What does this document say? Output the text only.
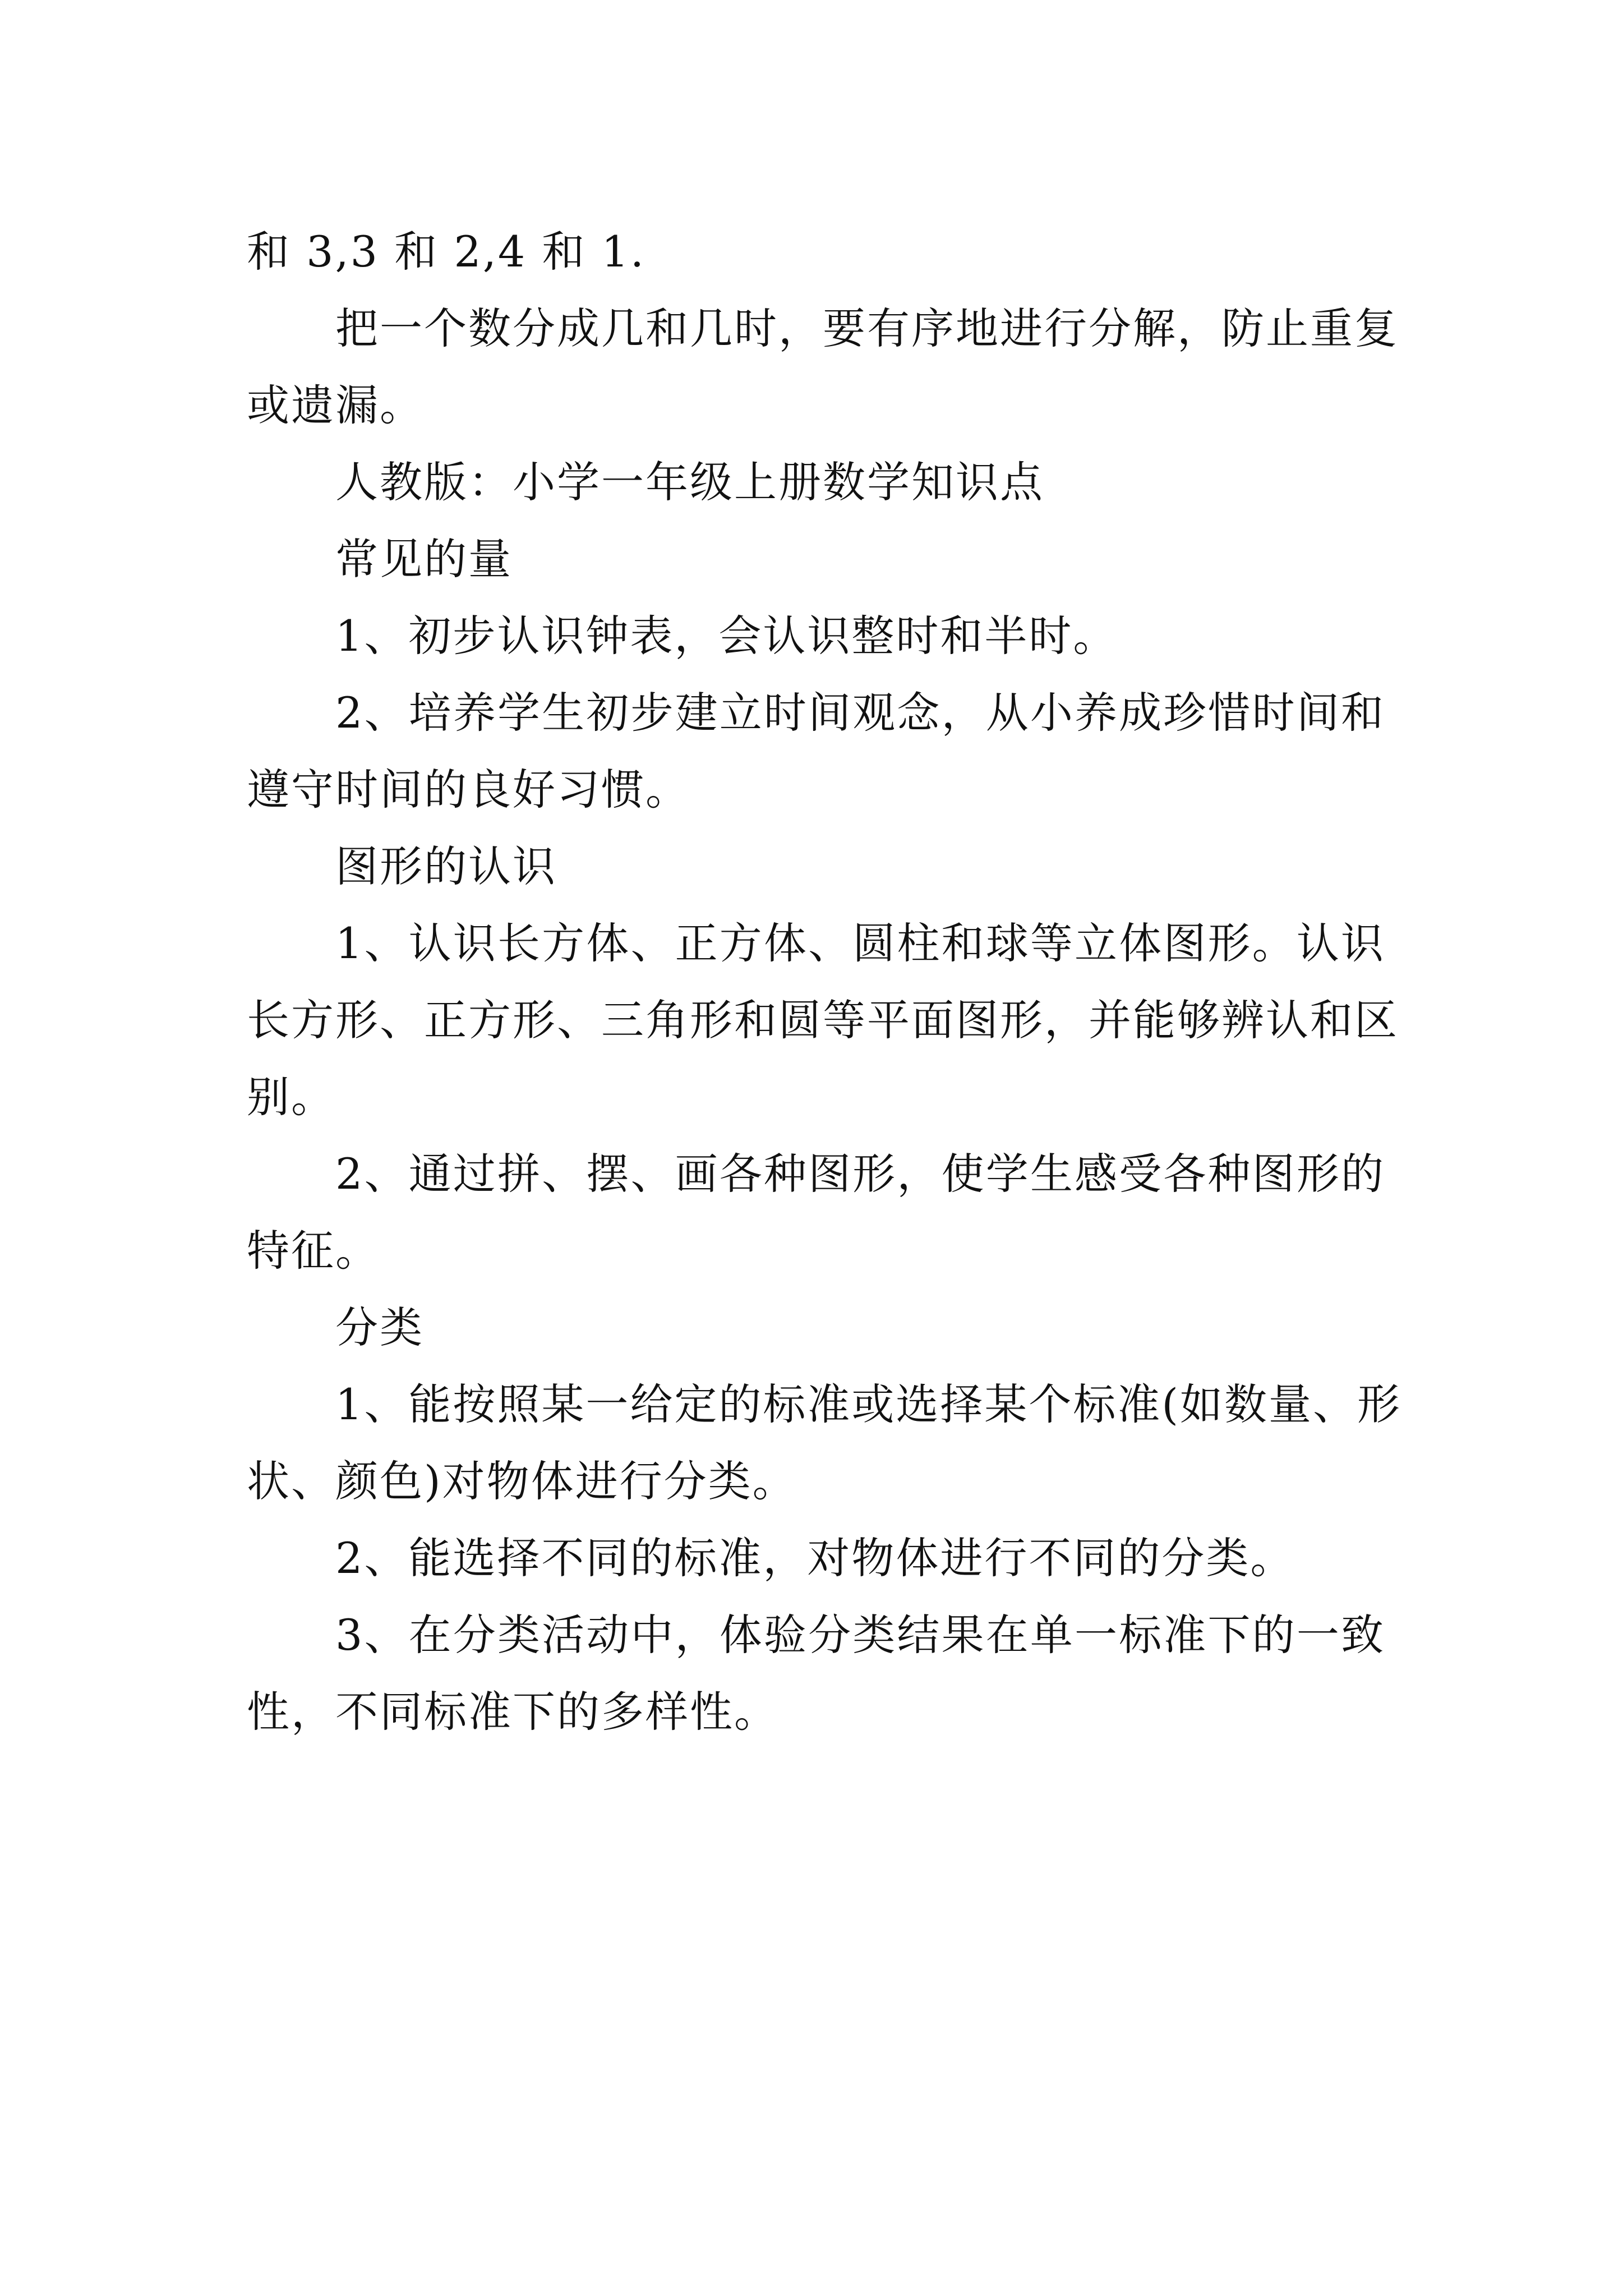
和 3,3 和 2,4 和 1.
把一个数分成几和几时，要有序地进行分解，防止重复
或遗漏。
人教版：小学一年级上册数学知识点
常见的量
1、初步认识钟表，会认识整时和半时。
2、培养学生初步建立时间观念，从小养成珍惜时间和
遵守时间的良好习惯。
图形的认识
1、认识长方体、正方体、圆柱和球等立体图形。认识
长方形、正方形、三角形和圆等平面图形，并能够辨认和区
别。
2、通过拼、摆、画各种图形，使学生感受各种图形的
特征。
分类
1、能按照某一给定的标准或选择某个标准(如数量、形
状、颜色)对物体进行分类。
2、能选择不同的标准，对物体进行不同的分类。
3、在分类活动中，体验分类结果在单一标准下的一致
性，不同标准下的多样性。
